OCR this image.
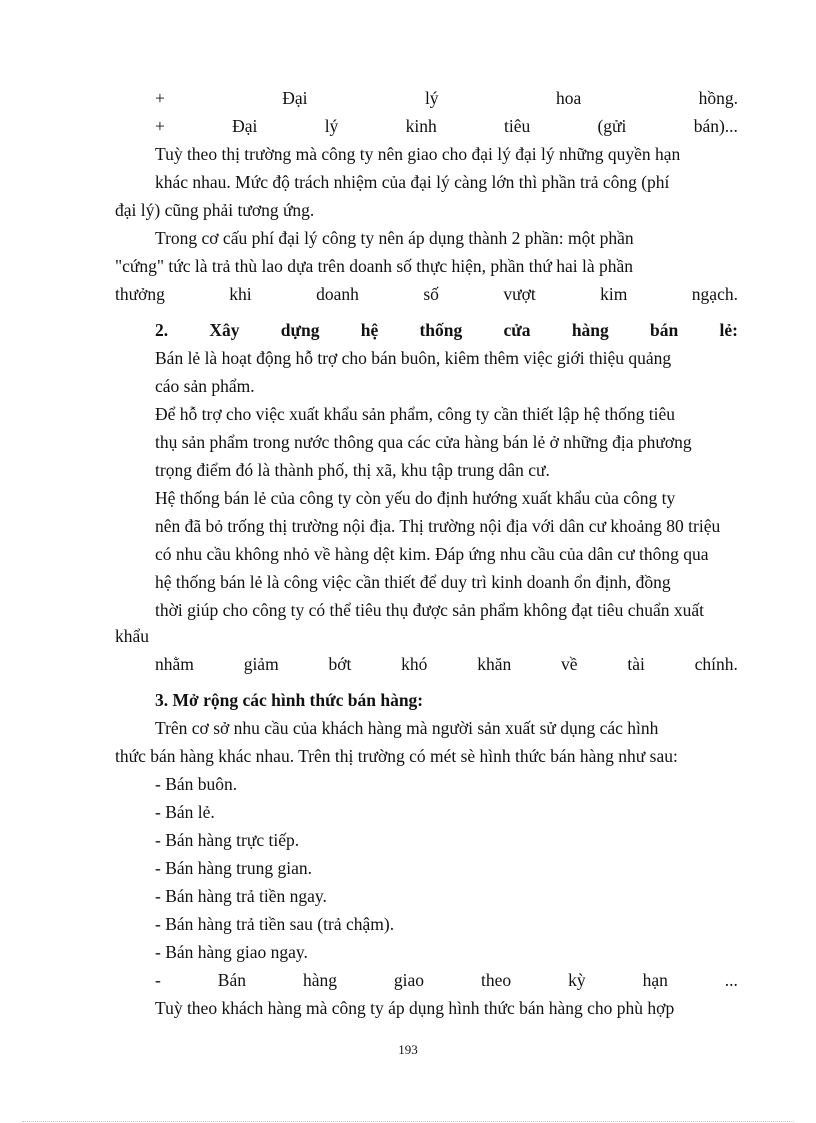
+	Đại	lý	hoa	hồng.
+	Đại	lý	kinh	tiêu	(gửi	bán)...
Tuỳ theo thị trường mà công ty nên giao cho đại lý đại lý những quyền hạn
khác nhau. Mức độ trách nhiệm của đại lý càng lớn thì phần trả công (phí
đại lý) cũng phải tương ứng.
Trong cơ cấu phí đại lý công ty nên áp dụng thành 2 phần: một phần
"cứng" tức là trả thù lao dựa trên doanh số thực hiện, phần thứ hai là phần
thưởng	khi	doanh	số	vượt	kim	ngạch.
2. Xây dựng hệ thống cửa hàng bán lẻ:
Bán lẻ là hoạt động hỗ trợ cho bán buôn, kiêm thêm việc giới thiệu quảng
cáo sản phẩm.
Để hỗ trợ cho việc xuất khẩu sản phẩm, công ty cần thiết lập hệ thống tiêu
thụ sản phẩm trong nước thông qua các cửa hàng bán lẻ ở những địa phương
trọng điểm đó là thành phố, thị xã, khu tập trung dân cư.
Hệ thống bán lẻ của công ty còn yếu do định hướng xuất khẩu của công ty
nên đã bỏ trống thị trường nội địa. Thị trường nội địa với dân cư khoảng 80 triệu
có nhu cầu không nhỏ về hàng dệt kim. Đáp ứng nhu cầu của dân cư thông qua
hệ thống bán lẻ là công việc cần thiết để duy trì kinh doanh ổn định, đồng
thời giúp cho công ty có thể tiêu thụ được sản phẩm không đạt tiêu chuẩn xuất
khẩu
nhằm	giảm	bớt	khó	khăn	về	tài	chính.
3. Mở rộng các hình thức bán hàng:
Trên cơ sở nhu cầu của khách hàng mà người sản xuất sử dụng các hình
thức bán hàng khác nhau. Trên thị trường có mét sè hình thức bán hàng như sau:
- Bán buôn.
- Bán lẻ.
- Bán hàng trực tiếp.
- Bán hàng trung gian.
- Bán hàng trả tiền ngay.
- Bán hàng trả tiền sau (trả chậm).
- Bán hàng giao ngay.
-	Bán	hàng	giao	theo	kỳ	hạn	...
Tuỳ theo khách hàng mà công ty áp dụng hình thức bán hàng cho phù hợp
193
